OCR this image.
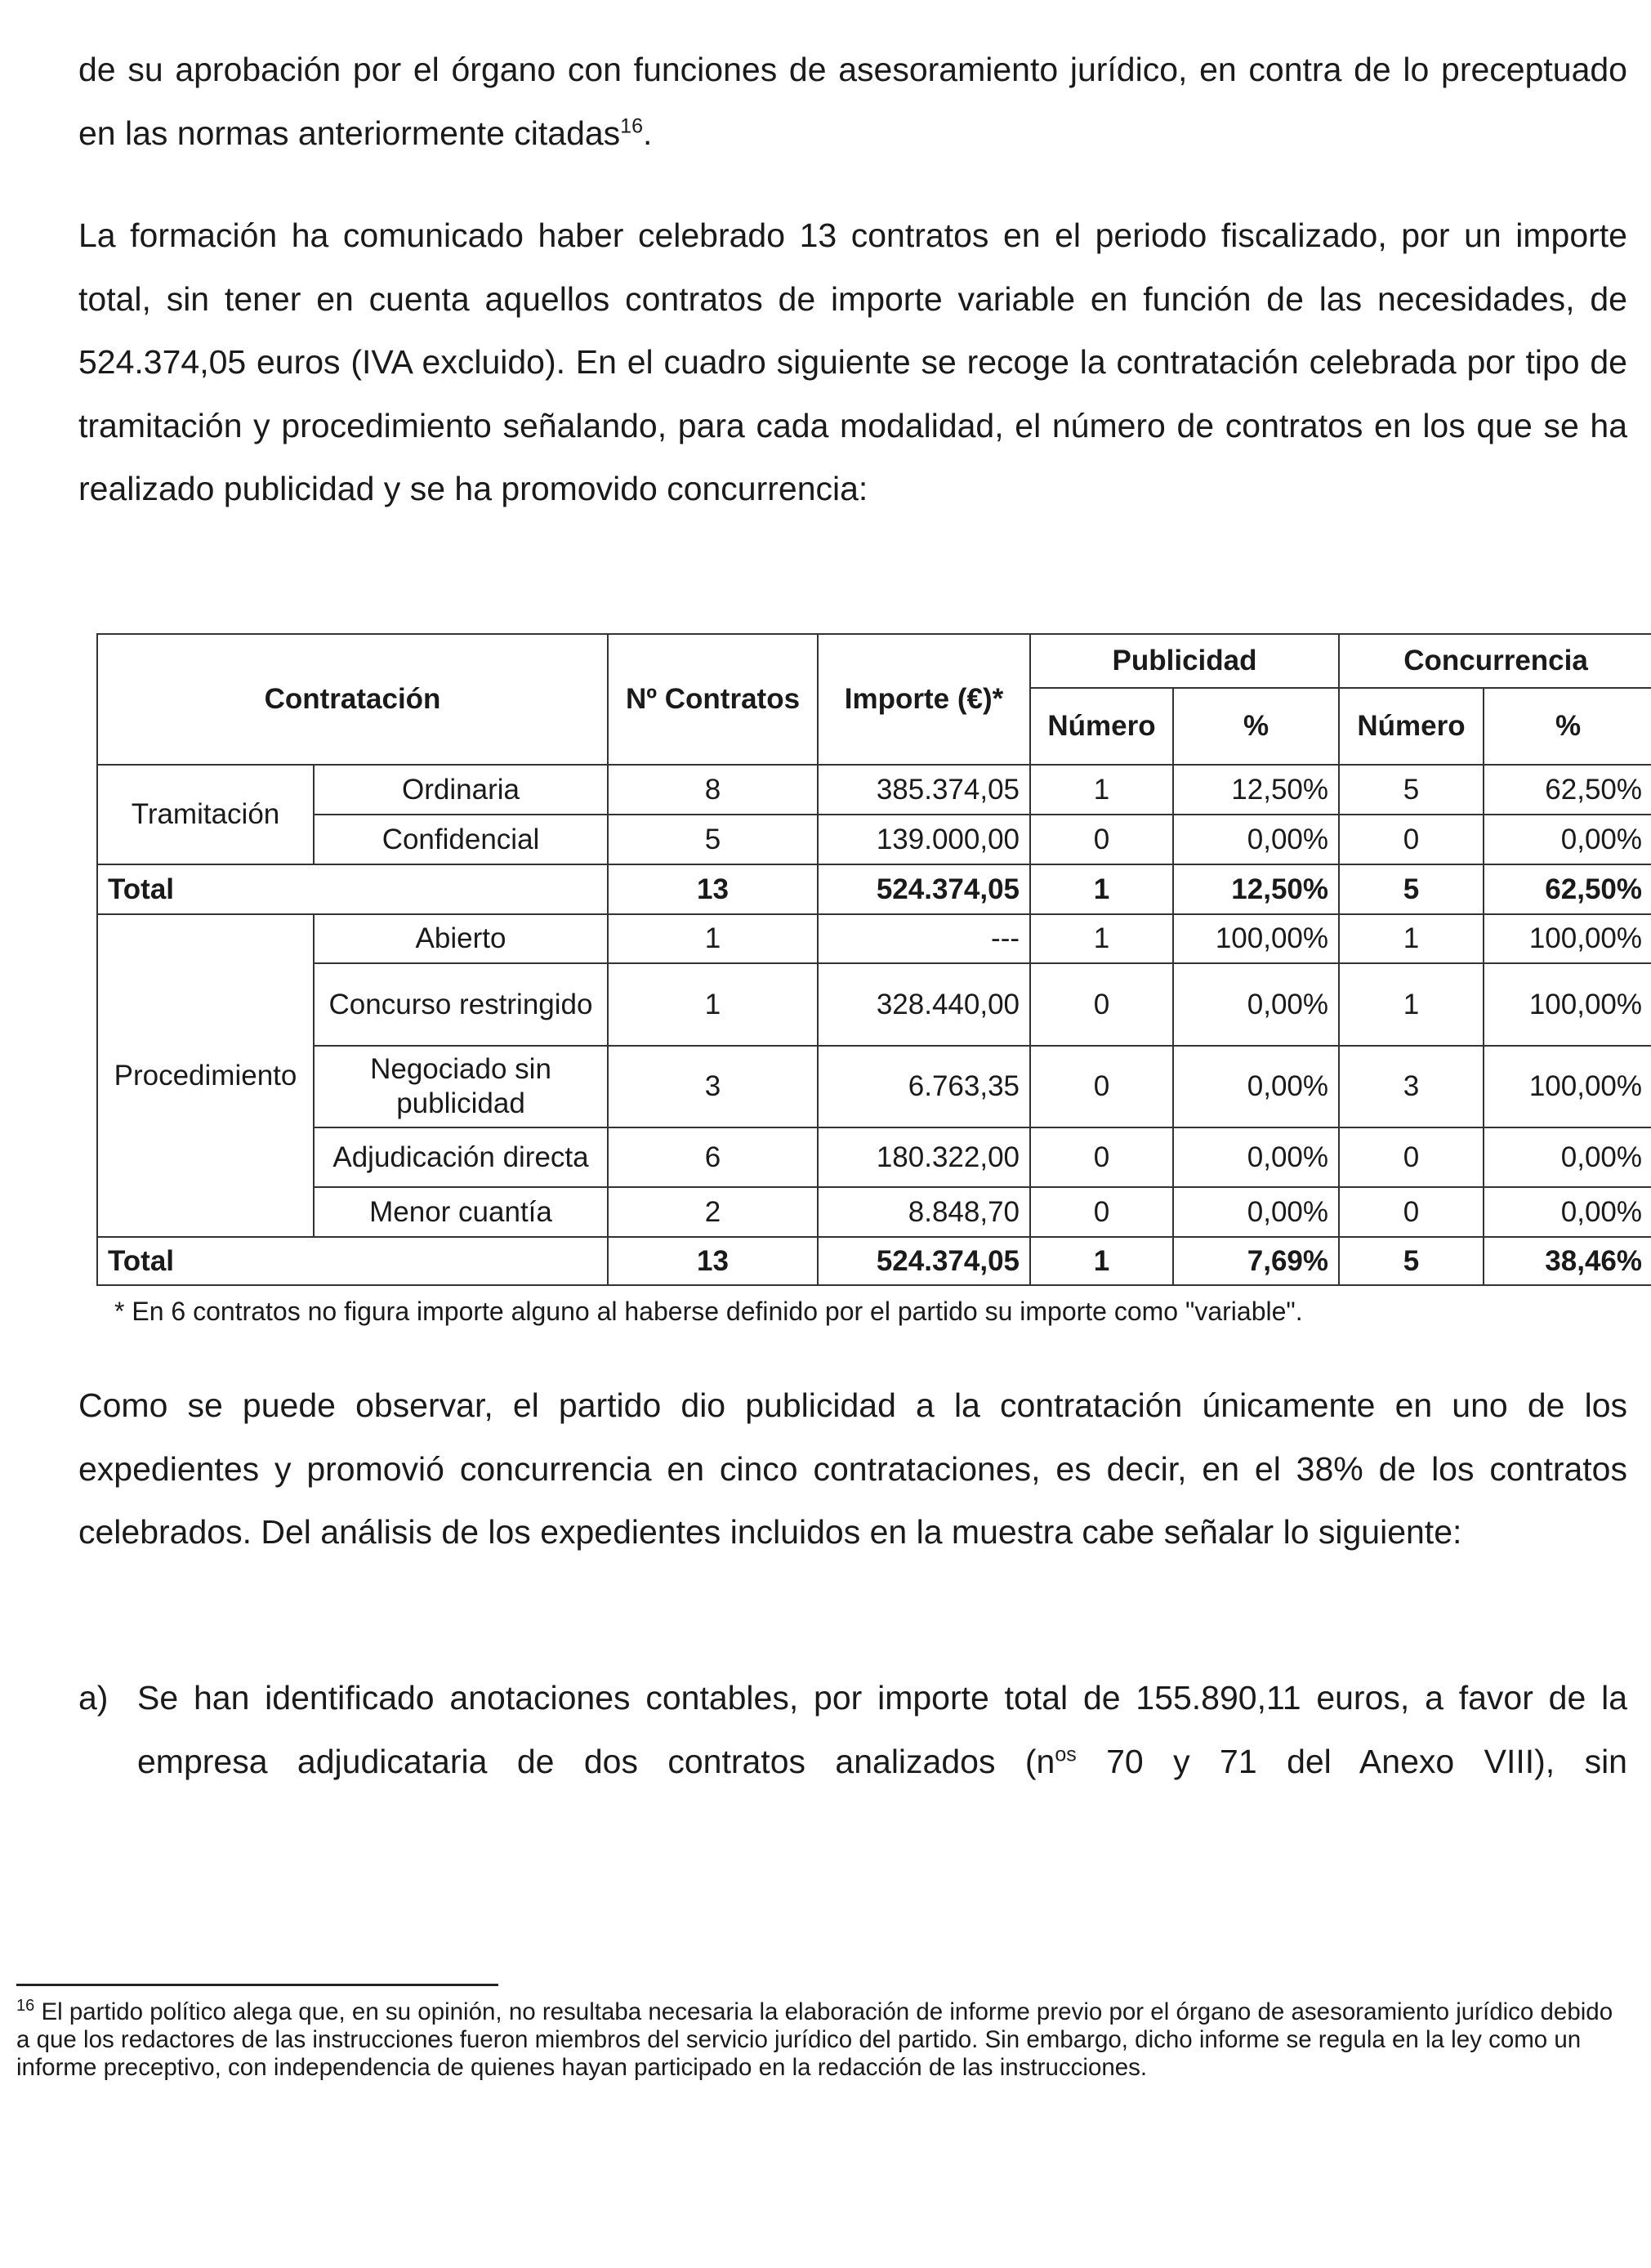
de su aprobación por el órgano con funciones de asesoramiento jurídico, en contra de lo preceptuado en las normas anteriormente citadas$^{16}$.

La formación ha comunicado haber celebrado 13 contratos en el periodo fiscalizado, por un importe total, sin tener en cuenta aquellos contratos de importe variable en función de las necesidades, de 524.374,05 euros (IVA excluido). En el cuadro siguiente se recoge la contratación celebrada por tipo de tramitación y procedimiento señalando, para cada modalidad, el número de contratos en los que se ha realizado publicidad y se ha promovido concurrencia:

Contratación		Nº Contratos	Importe (€)*	Publicidad		Concurrencia	
				Número	%	Número	%
Tramitación	Ordinaria	8	385.374,05	1	12,50%	5	62,50%
	Confidencial	5	139.000,00	0	0,00%	0	0,00%
Total		13	524.374,05	1	12,50%	5	62,50%
Procedimiento	Abierto	1	---	1	100,00%	1	100,00%
	Concurso restringido	1	328.440,00	0	0,00%	1	100,00%
	Negociado sin publicidad	3	6.763,35	0	0,00%	3	100,00%
	Adjudicación directa	6	180.322,00	0	0,00%	0	0,00%
	Menor cuantía	2	8.848,70	0	0,00%	0	0,00%
Total		13	524.374,05	1	7,69%	5	38,46%

* En 6 contratos no figura importe alguno al haberse definido por el partido su importe como "variable".

Como se puede observar, el partido dio publicidad a la contratación únicamente en uno de los expedientes y promovió concurrencia en cinco contrataciones, es decir, en el 38% de los contratos celebrados. Del análisis de los expedientes incluidos en la muestra cabe señalar lo siguiente:

a) Se han identificado anotaciones contables, por importe total de 155.890,11 euros, a favor de la empresa adjudicataria de dos contratos analizados ($n^{os}$ 70 y 71 del Anexo VIII), sin

$^{16}$ El partido político alega que, en su opinión, no resultaba necesaria la elaboración de informe previo por el órgano de asesoramiento jurídico debido a que los redactores de las instrucciones fueron miembros del servicio jurídico del partido. Sin embargo, dicho informe se regula en la ley como un informe preceptivo, con independencia de quienes hayan participado en la redacción de las instrucciones.
